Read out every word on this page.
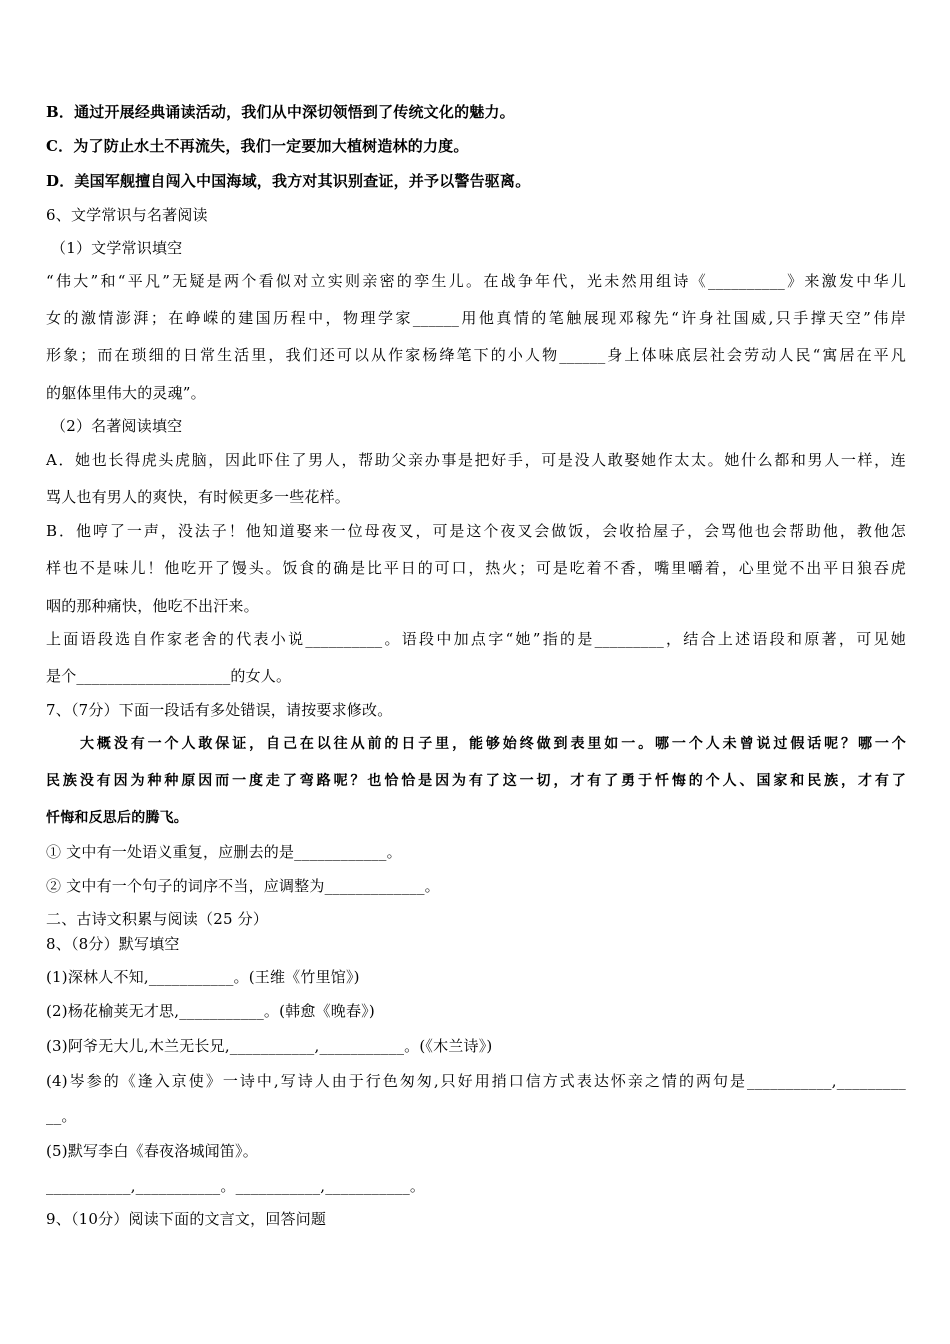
B．通过开展经典诵读活动，我们从中深切领悟到了传统文化的魅力。
C．为了防止水土不再流失，我们一定要加大植树造林的力度。
D．美国军舰擅自闯入中国海域，我方对其识别查证，并予以警告驱离。
6、文学常识与名著阅读
（1）文学常识填空
“伟大”和“平凡”无疑是两个看似对立实则亲密的孪生儿。在战争年代，光未然用组诗《__________》来激发中华儿
女的激情澎湃；在峥嵘的建国历程中，物理学家______用他真情的笔触展现邓稼先“许身社国威,只手撑天空”伟岸
形象；而在琐细的日常生活里，我们还可以从作家杨绛笔下的小人物______身上体味底层社会劳动人民“寓居在平凡
的躯体里伟大的灵魂”。
（2）名著阅读填空
A．她也长得虎头虎脑，因此吓住了男人，帮助父亲办事是把好手，可是没人敢娶她作太太。她什么都和男人一样，连
骂人也有男人的爽快，有时候更多一些花样。
B．他哼了一声，没法子！他知道娶来一位母夜叉，可是这个夜叉会做饭，会收拾屋子，会骂他也会帮助他，教他怎
样也不是味儿！他吃开了馒头。饭食的确是比平日的可口，热火；可是吃着不香，嘴里嚼着，心里觉不出平日狼吞虎
咽的那种痛快，他吃不出汗来。
上面语段选自作家老舍的代表小说__________。语段中加点字“她”指的是_________，结合上述语段和原著，可见她
是个____________________的女人。
7、（7分）下面一段话有多处错误，请按要求修改。
大概没有一个人敢保证，自己在以往从前的日子里，能够始终做到表里如一。哪一个人未曾说过假话呢？哪一个
民族没有因为种种原因而一度走了弯路呢？也恰恰是因为有了这一切，才有了勇于忏悔的个人、国家和民族，才有了
忏悔和反思后的腾飞。
① 文中有一处语义重复，应删去的是____________。
② 文中有一个句子的词序不当，应调整为_____________。
二、古诗文积累与阅读（25 分）
8、（8分）默写填空
(1)深林人不知,___________。(王维《竹里馆》)
(2)杨花榆荚无才思,___________。(韩愈《晚春》)
(3)阿爷无大儿,木兰无长兄,___________,___________。(《木兰诗》)
(4)岑参的《逢入京使》一诗中,写诗人由于行色匆匆,只好用捎口信方式表达怀亲之情的两句是___________,_________
__。
(5)默写李白《春夜洛城闻笛》。
___________,___________。___________,___________。
9、（10分）阅读下面的文言文，回答问题
